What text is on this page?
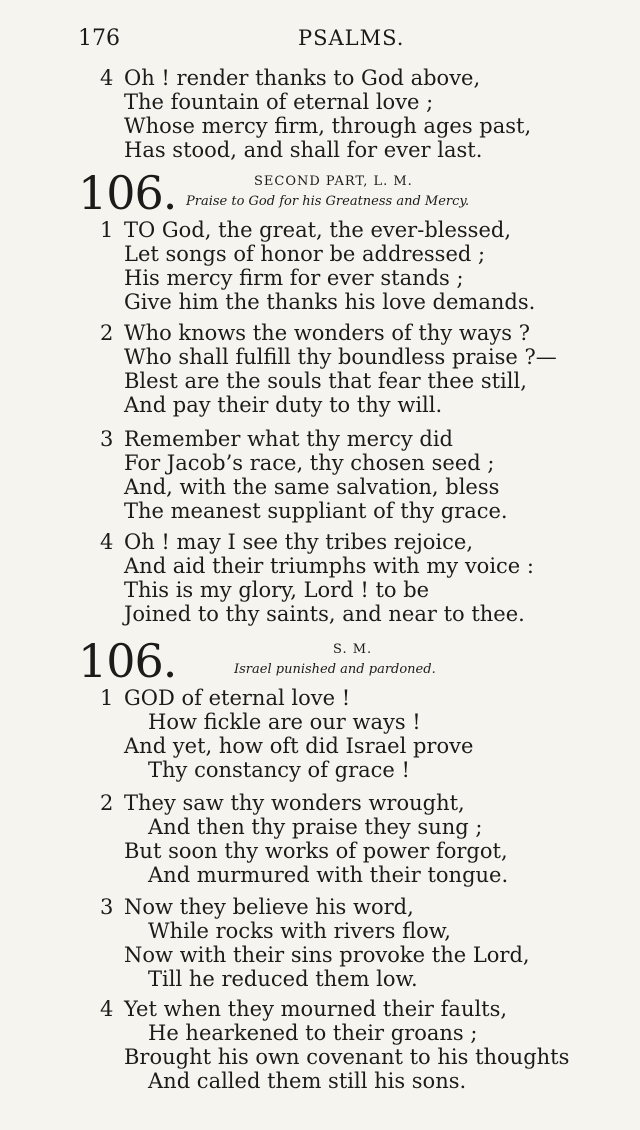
176	PSALMS.
4 Oh ! render thanks to God above,
The fountain of eternal love ;
Whose mercy firm, through ages past,
Has stood, and shall for ever last.
106.	SECOND PART, L. M.
Praise to God for his Greatness and Mercy.
1 TO God, the great, the ever-blessed,
Let songs of honor be addressed ;
His mercy firm for ever stands ;
Give him the thanks his love demands.
2 Who knows the wonders of thy ways ?
Who shall fulfill thy boundless praise ?—
Blest are the souls that fear thee still,
And pay their duty to thy will.
3 Remember what thy mercy did
For Jacob’s race, thy chosen seed ;
And, with the same salvation, bless
The meanest suppliant of thy grace.
4 Oh ! may I see thy tribes rejoice,
And aid their triumphs with my voice :
This is my glory, Lord ! to be
Joined to thy saints, and near to thee.
106.	S. M.
Israel punished and pardoned.
1 GOD of eternal love !
How fickle are our ways !
And yet, how oft did Israel prove
Thy constancy of grace !
2 They saw thy wonders wrought,
And then thy praise they sung ;
But soon thy works of power forgot,
And murmured with their tongue.
3 Now they believe his word,
While rocks with rivers flow,
Now with their sins provoke the Lord,
Till he reduced them low.
4 Yet when they mourned their faults,
He hearkened to their groans ;
Brought his own covenant to his thoughts
And called them still his sons.
